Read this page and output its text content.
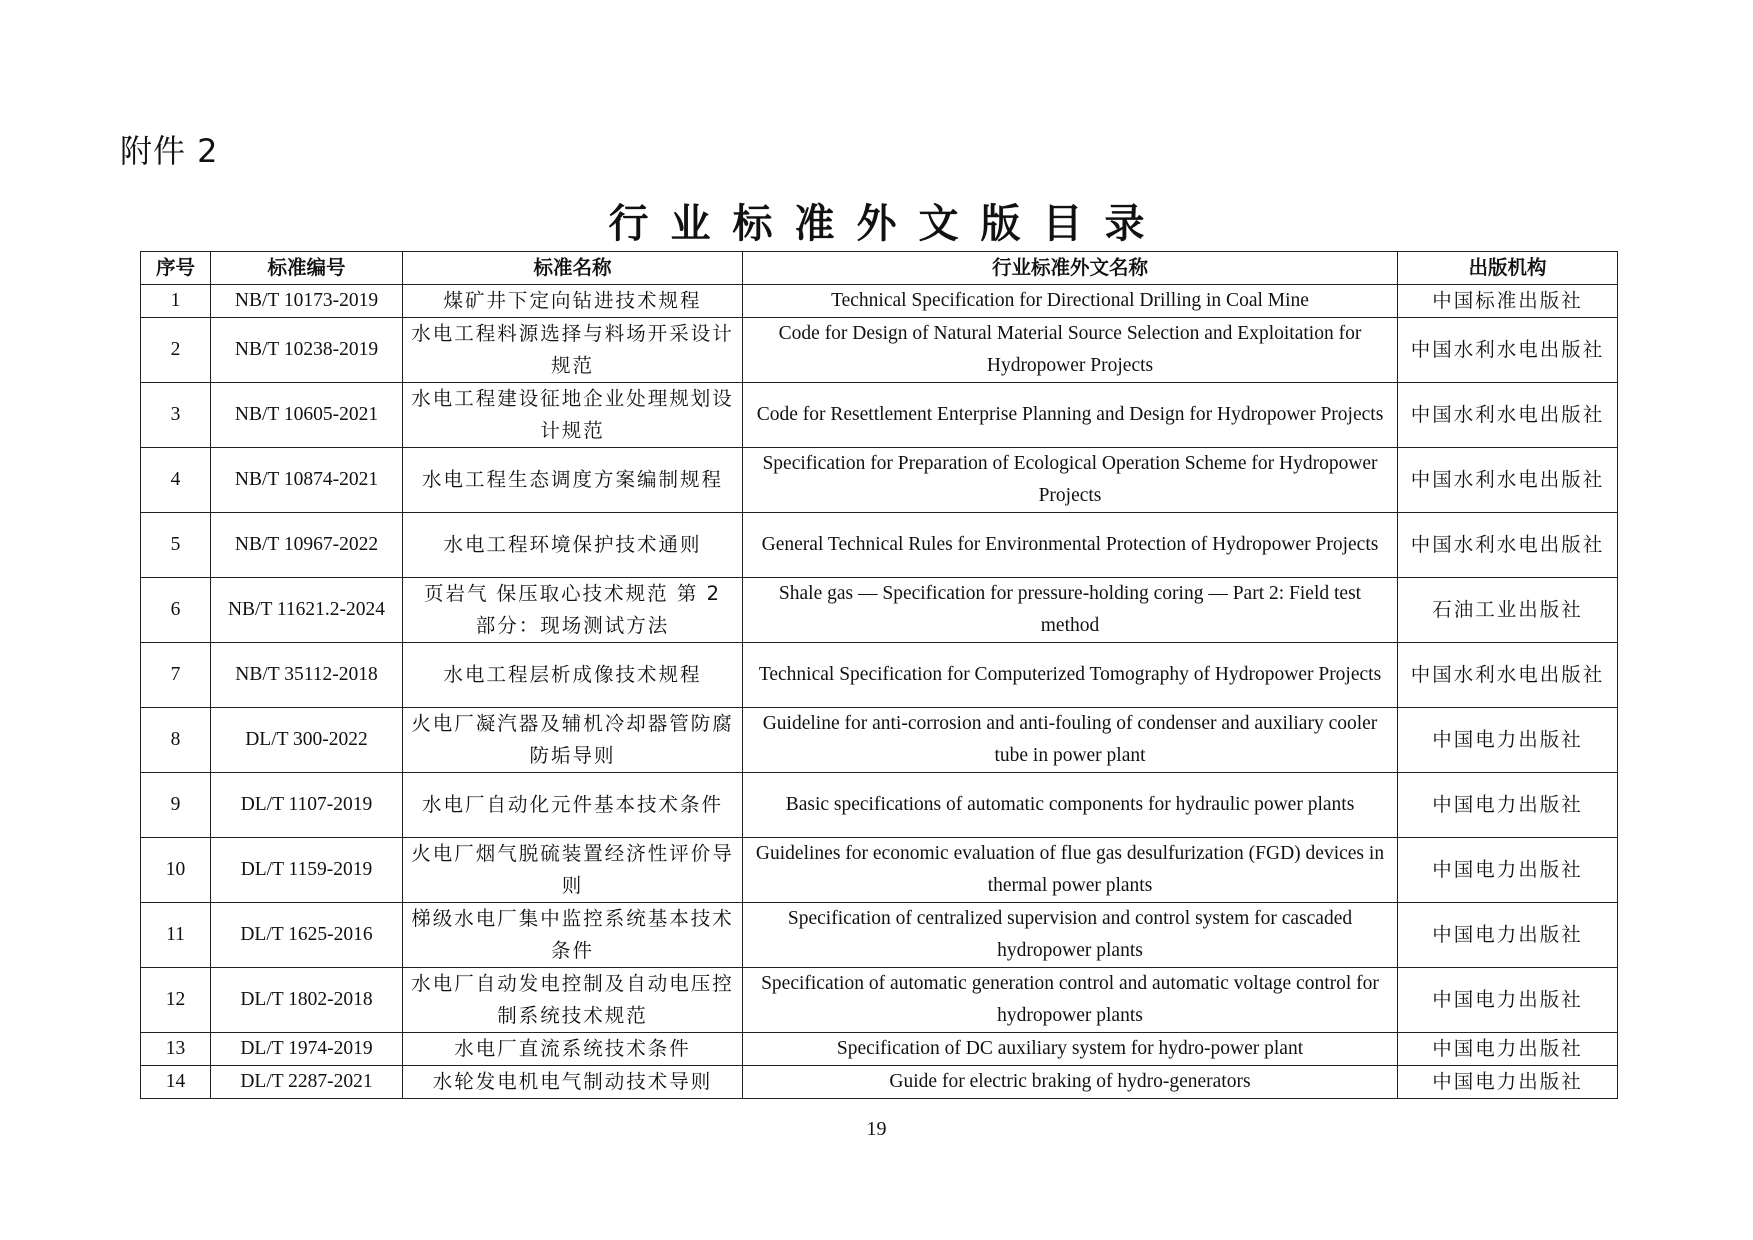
附件 2
行业标准外文版目录
序号	标准编号	标准名称	行业标准外文名称	出版机构
1	NB/T 10173-2019	煤矿井下定向钻进技术规程	Technical Specification for Directional Drilling in Coal Mine	中国标准出版社
2	NB/T 10238-2019	水电工程料源选择与料场开采设计规范	Code for Design of Natural Material Source Selection and Exploitation for Hydropower Projects	中国水利水电出版社
3	NB/T 10605-2021	水电工程建设征地企业处理规划设计规范	Code for Resettlement Enterprise Planning and Design for Hydropower Projects	中国水利水电出版社
4	NB/T 10874-2021	水电工程生态调度方案编制规程	Specification for Preparation of Ecological Operation Scheme for Hydropower Projects	中国水利水电出版社
5	NB/T 10967-2022	水电工程环境保护技术通则	General Technical Rules for Environmental Protection of Hydropower Projects	中国水利水电出版社
6	NB/T 11621.2-2024	页岩气 保压取心技术规范 第 2 部分：现场测试方法	Shale gas — Specification for pressure-holding coring — Part 2: Field test method	石油工业出版社
7	NB/T 35112-2018	水电工程层析成像技术规程	Technical Specification for Computerized Tomography of Hydropower Projects	中国水利水电出版社
8	DL/T 300-2022	火电厂凝汽器及辅机冷却器管防腐防垢导则	Guideline for anti-corrosion and anti-fouling of condenser and auxiliary cooler tube in power plant	中国电力出版社
9	DL/T 1107-2019	水电厂自动化元件基本技术条件	Basic specifications of automatic components for hydraulic power plants	中国电力出版社
10	DL/T 1159-2019	火电厂烟气脱硫装置经济性评价导则	Guidelines for economic evaluation of flue gas desulfurization (FGD) devices in thermal power plants	中国电力出版社
11	DL/T 1625-2016	梯级水电厂集中监控系统基本技术条件	Specification of centralized supervision and control system for cascaded hydropower plants	中国电力出版社
12	DL/T 1802-2018	水电厂自动发电控制及自动电压控制系统技术规范	Specification of automatic generation control and automatic voltage control for hydropower plants	中国电力出版社
13	DL/T 1974-2019	水电厂直流系统技术条件	Specification of DC auxiliary system for hydro-power plant	中国电力出版社
14	DL/T 2287-2021	水轮发电机电气制动技术导则	Guide for electric braking of hydro-generators	中国电力出版社
19
